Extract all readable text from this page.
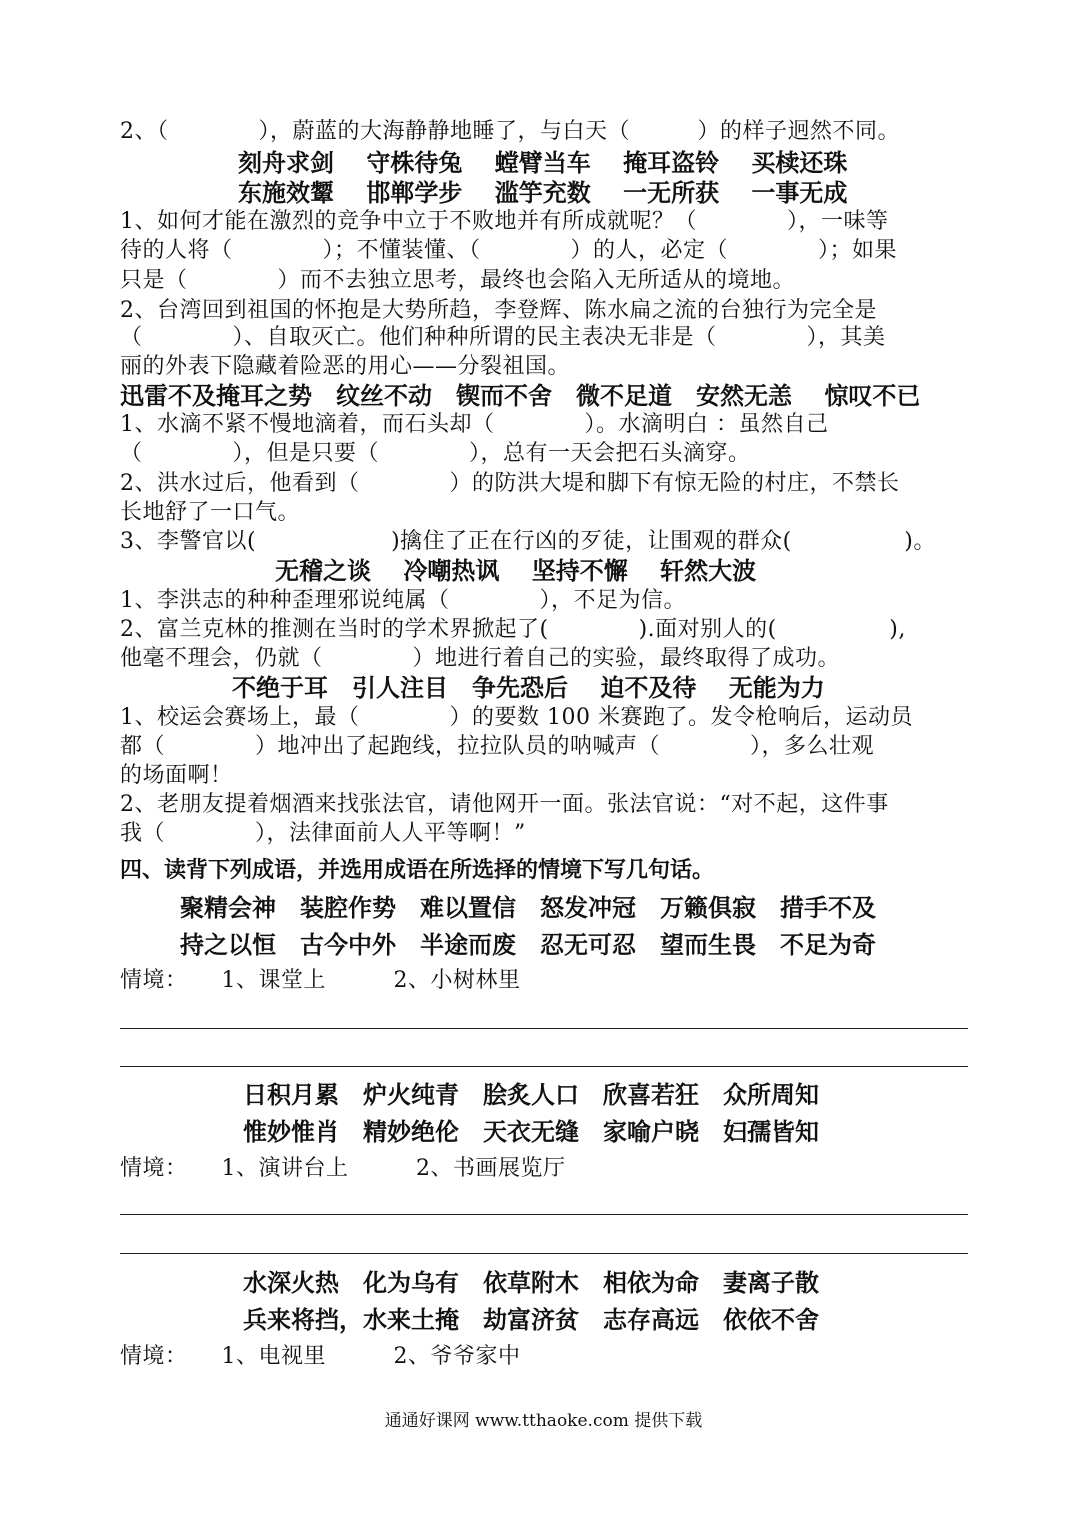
2、（　　　　），蔚蓝的大海静静地睡了，与白天（　　　）的样子迥然不同。
刻舟求剑　 守株待兔　 螳臂当车　 掩耳盗铃　 买椟还珠
东施效颦　 邯郸学步　 滥竽充数　 一无所获　 一事无成
1、如何才能在激烈的竞争中立于不败地并有所成就呢？（　　　　），一味等
待的人将（　　　　）；不懂装懂、（　　　　）的人，必定（　　　　）；如果
只是（　　　　）而不去独立思考，最终也会陷入无所适从的境地。
2、台湾回到祖国的怀抱是大势所趋，李登辉、陈水扁之流的台独行为完全是
（　　　　）、自取灭亡。他们种种所谓的民主表决无非是（　　　　），其美
丽的外表下隐藏着险恶的用心——分裂祖国。
迅雷不及掩耳之势　纹丝不动　锲而不舍　微不足道　安然无恙　 惊叹不已
1、水滴不紧不慢地滴着，而石头却（　　　　）。水滴明白 ：虽然自己
（　　　　），但是只要（　　　　），总有一天会把石头滴穿。
2、洪水过后，他看到（　　　　）的防洪大堤和脚下有惊无险的村庄，不禁长
长地舒了一口气。
3、李警官以(　　　　　　)擒住了正在行凶的歹徒，让围观的群众(　　　　　)。
无稽之谈　 冷嘲热讽　 坚持不懈　 轩然大波
1、李洪志的种种歪理邪说纯属（　　　　），不足为信。
2、富兰克林的推测在当时的学术界掀起了(　　　　).面对别人的(　　　　　),
他毫不理会，仍就（　　　　）地进行着自己的实验，最终取得了成功。
不绝于耳　引人注目　争先恐后　 迫不及待　 无能为力
1、校运会赛场上，最（　　　　）的要数 100 米赛跑了。发令枪响后，运动员
都（　　　　）地冲出了起跑线，拉拉队员的呐喊声（　　　　），多么壮观
的场面啊！
2、老朋友提着烟酒来找张法官，请他网开一面。张法官说：“对不起，这件事
我（　　　　），法律面前人人平等啊！”
四、读背下列成语，并选用成语在所选择的情境下写几句话。
聚精会神　装腔作势　难以置信　怒发冲冠　万籁俱寂　措手不及
持之以恒　古今中外　半途而废　忍无可忍　望而生畏　不足为奇
情境：　　1、课堂上　　　2、小树林里
日积月累　炉火纯青　脍炙人口　欣喜若狂　众所周知
惟妙惟肖　精妙绝伦　天衣无缝　家喻户晓　妇孺皆知
情境：　　1、演讲台上　　　2、书画展览厅
水深火热　化为乌有　依草附木　相依为命　妻离子散
兵来将挡，水来土掩　劫富济贫　志存高远　依依不舍
情境：　　1、电视里　　　2、爷爷家中
通通好课网 www.tthaoke.com 提供下载
